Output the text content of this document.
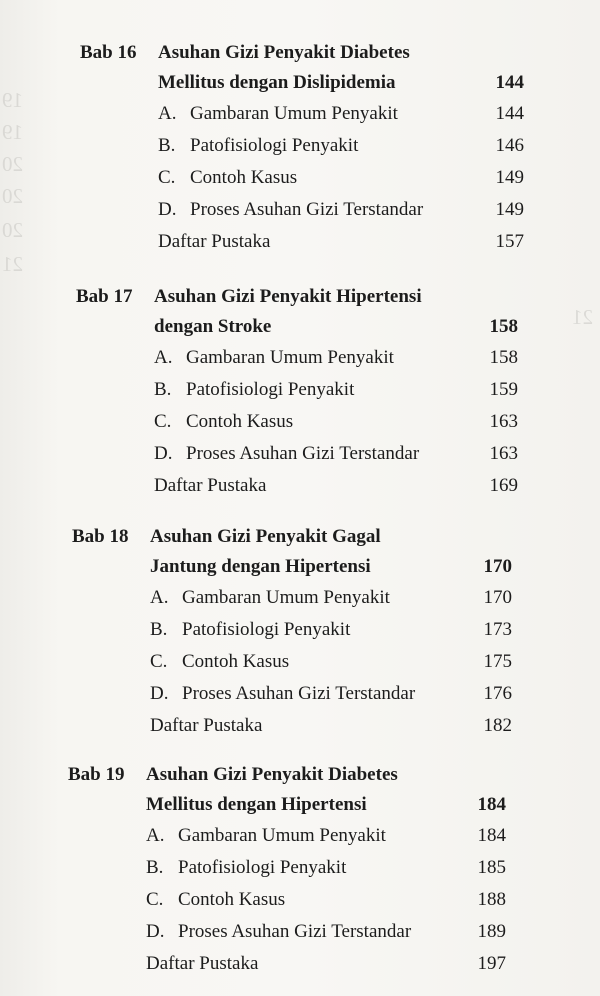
19
19
20
20
20
21
21
Bab 16 Asuhan Gizi Penyakit Diabetes
Mellitus dengan Dislipidemia	144
A. Gambaran Umum Penyakit	144
B. Patofisiologi Penyakit	146
C. Contoh Kasus	149
D. Proses Asuhan Gizi Terstandar	149
Daftar Pustaka	157
Bab 17 Asuhan Gizi Penyakit Hipertensi
dengan Stroke	158
A. Gambaran Umum Penyakit	158
B. Patofisiologi Penyakit	159
C. Contoh Kasus	163
D. Proses Asuhan Gizi Terstandar	163
Daftar Pustaka	169
Bab 18 Asuhan Gizi Penyakit Gagal
Jantung dengan Hipertensi	170
A. Gambaran Umum Penyakit	170
B. Patofisiologi Penyakit	173
C. Contoh Kasus	175
D. Proses Asuhan Gizi Terstandar	176
Daftar Pustaka	182
Bab 19 Asuhan Gizi Penyakit Diabetes
Mellitus dengan Hipertensi	184
A. Gambaran Umum Penyakit	184
B. Patofisiologi Penyakit	185
C. Contoh Kasus	188
D. Proses Asuhan Gizi Terstandar	189
Daftar Pustaka	197
